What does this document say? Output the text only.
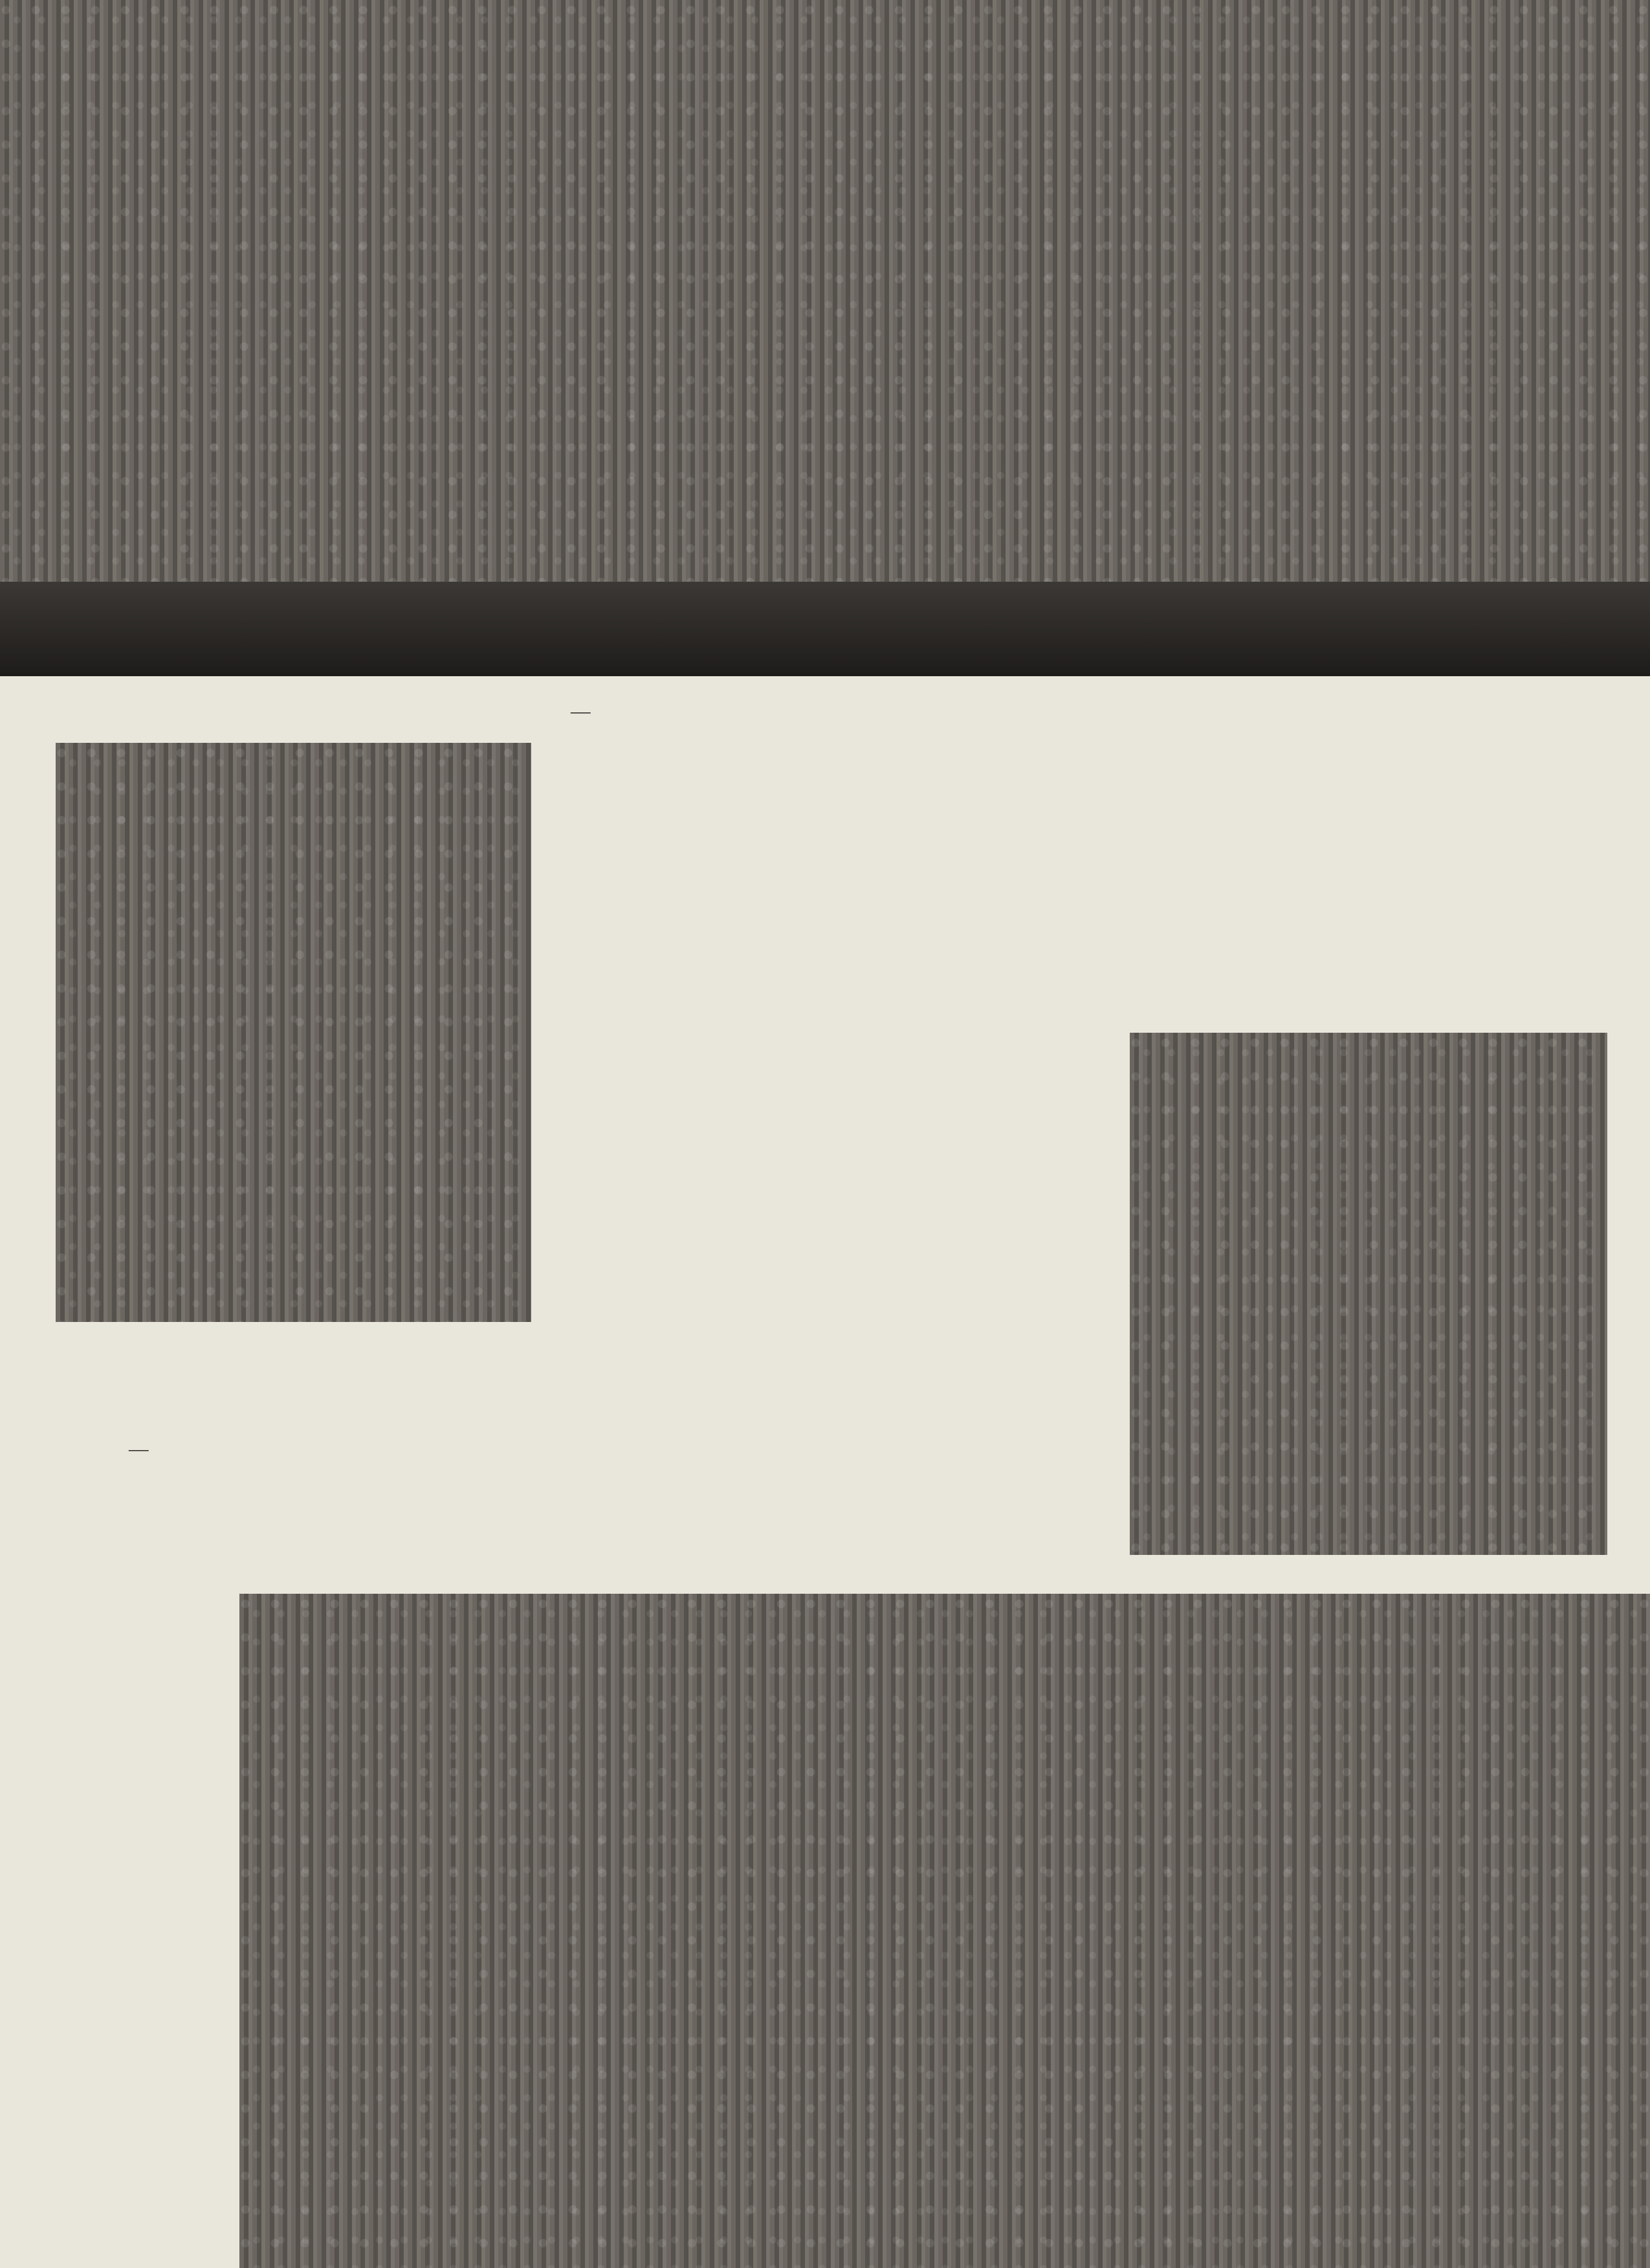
—
—
